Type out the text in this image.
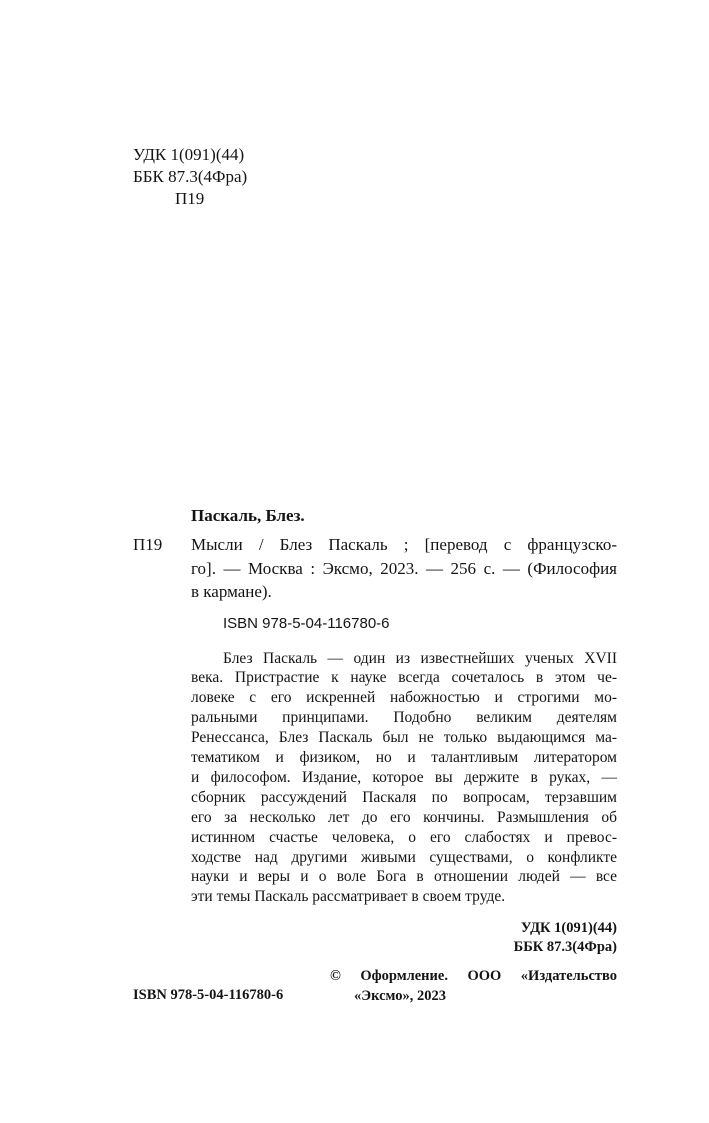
УДК 1(091)(44)
ББК 87.3(4Фра)
П19
Паскаль, Блез.
П19 Мысли / Блез Паскаль ; [перевод с французско-
го]. — Москва : Эксмо, 2023. — 256 с. — (Философия
в кармане).
ISBN 978-5-04-116780-6
Блез Паскаль — один из известнейших ученых XVII
века. Пристрастие к науке всегда сочеталось в этом че-
ловеке с его искренней набожностью и строгими мо-
ральными принципами. Подобно великим деятелям
Ренессанса, Блез Паскаль был не только выдающимся ма-
тематиком и физиком, но и талантливым литератором
и философом. Издание, которое вы держите в руках, —
сборник рассуждений Паскаля по вопросам, терзавшим
его за несколько лет до его кончины. Размышления об
истинном счастье человека, о его слабостях и превос-
ходстве над другими живыми существами, о конфликте
науки и веры и о воле Бога в отношении людей — все
эти темы Паскаль рассматривает в своем труде.
УДК 1(091)(44)
ББК 87.3(4Фра)
ISBN 978-5-04-116780-6
© Оформление. ООО «Издательство
«Эксмо», 2023
